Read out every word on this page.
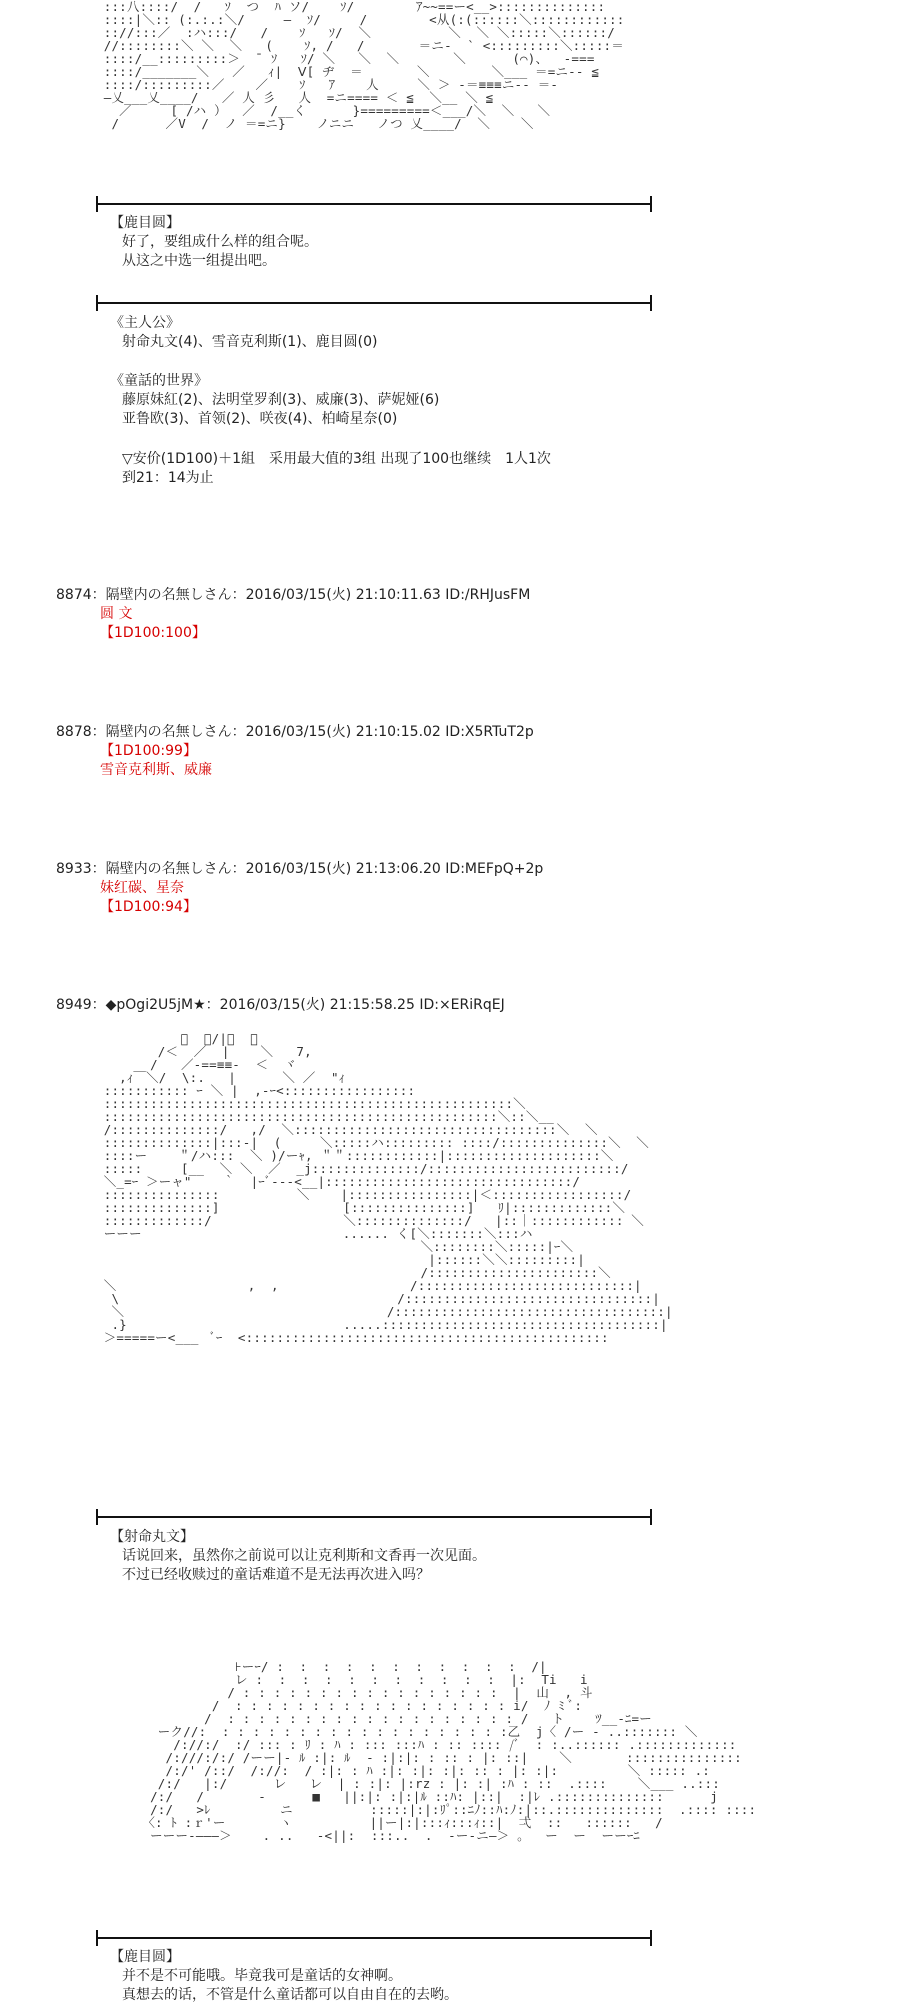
:::八::::/  /   ｿ  つ  ﾊ ソ/    ｿ/        ｱ~~==ー<__>::::::::::::::
::::|＼:: (:.:.:＼/     ―  ｿ/     /        <从(:(::::::＼::::::::::::
:://:::／  :ハ:::/   /    ｿ   ｿ/  ＼          ＼  ＼ ＼:::::＼::::::/
//::::::::＼ ＼  ＼   (    ｿ, /   /       ＝ニ-  ` <:::::::::＼:::::＝
::::/__:::::::::＞  ̄  ｿ   ｿ/ ＼   ＼  ＼       ＼      (⌒)、  -===
::::/_______＼   ／   ｨ|  Ⅴ[ ヂ  ＝       ＼        ＼___ ＝=ニ-- ≦
::::/:::::::::／    ／    ｿ   ｱ    人     ＼ ＞ ‐＝≡≡≡ニ-- ＝‐
―乂___乂____/   ／ 人 彡   人  =ニ==== ＜ ≦  ＼__ ＼ ≦
／     [ /ハ ）  ／  /__く      }=========＜___/＼  ＼   ＼
/      ／V  /  ノ ＝=ニ}    ノニニ   ノつ 乂____/  ＼    ＼
【鹿目圆】
好了，要组成什么样的组合呢。
从这之中选一组提出吧。
《主人公》
射命丸文(4)、雪音克利斯(1)、鹿目圆(0)
《童話的世界》
藤原妹紅(2)、法明堂罗刹(3)、威廉(3)、萨妮娅(6)
亚鲁欧(3)、首领(2)、咲夜(4)、柏崎星奈(0)
▽安价(1D100)＋1組　采用最大值的3组 出现了100也继续　1人1次
到21：14为止
8874：隔壁内の名無しさん：2016/03/15(火) 21:10:11.63 ID:/RHJusFM
圆 文
【1D100:100】
8878：隔壁内の名無しさん：2016/03/15(火) 21:10:15.02 ID:X5RTuT2p
【1D100:99】
雪音克利斯、威廉
8933：隔壁内の名無しさん：2016/03/15(火) 21:13:06.20 ID:MEFpQ+2p
妹红碳、星奈
【1D100:94】
8949：◆pOgi2U5jM★：2016/03/15(火) 21:15:58.25 ID:×ERiRqEJ
ﾟ  ｰ/|＼  ｰ
/＜  ／  |    ＼   7,
/   ／-==≡≡-  ＜  ヾ
,ｨ￣＼/  \:.   |      ＼ ／  "ｨ
::::::::::: ｰ ＼ |  ,-ｰ<:::::::::::::::::
:::::::::::::::::::::::::::::::::::::::::::::::::::::＼
:::::::::::::::::::::::::::::::::::::::::::::::::::＼::＼__
/::::::::::::::/   ,/  ＼::::::::::::::::::::::::::::::::::＼  ＼
::::::::::::::|:::-|  (     ＼:::::ハ::::::::: ::::/::::::::::::::＼  ＼
::::ー    ＂/ハ:::  ＼ )/ーｬ, ＂＂::::::::::::|::::::::::::::::::::＼
:::::     [__  ＼ ＼  ／  _j::::::::::::::/:::::::::::::::::::::::::/
＼_=ｰ ＞ーャ"    ｀  |ｰﾞ---<__|::::::::::::::::::::::::::::::::/
:::::::::::::::          ＼    |::::::::::::::::|＜:::::::::::::::::/
::::::::::::::]                [:::::::::::::::]   ﾘ|:::::::::::::＼
:::::::::::::/                 ＼::::::::::::::/   |::｜:::::::::::: ＼
ーーー                          ...... く[＼:::::::＼:::ハ
＼::::::::＼:::::|ｰ＼
|::::::＼＼:::::::::|
/::::::::::::::::::::::＼
＼                 ,  ,                 /::::::::::::::::::::::::::::|
\                                    /::::::::::::::::::::::::::::::::|
＼                                  /:::::::::::::::::::::::::::::::::::|
.}                            .....::::::::::::::::::::::::::::::::::::|
＞=====ー<___  ﾞｰ  <:::::::::::::::::::::::::::::::::::::::::::::::
【射命丸文】
话说回来，虽然你之前说可以让克利斯和文香再一次见面。
不过已经收赎过的童话难道不是无法再次进入吗？
⊦ーｰ/ :  :  :  :  :  :  :  :  :  :  :  /|
レ :  :  :  :  :  :  :  :  :  :  :  |:  Ti   i
/ : : : : : : : : : : : : : : : : :  |  山  , 斗
/  : : : : : : : : : : : : : : : : : : i/  ﾉ ﾐ ﾞ:
/  : : : : : : : : : : : : : : : : : : : /   ト    ﾂ__-ﾆ=ー
ーク//:  : : : : : : : : : : : : : : : : : : :乙  j〈 /ー - ..::::::: ＼
/://:/  :/ ::: : ﾘ : ﾊ : ::: :::ﾊ : :: :::: /ﾞ  : :..:::::: .:::::::::::::
/:///:/:/ /ーー|- ﾙ :|: ﾙ  - :|:|: : :: : |: ::|    ＼       :::::::::::::::
/:/' /::/  /://:  / :|: : ﾊ :|: :|: :|: :: : |: :|:         ＼ ::::: .:
/:/   |:/      レ   レ  | : :|: |:rz : |: :| :ﾊ : ::  .::::    ＼___ ..:::
/:/   /       -      ■   ||:|: :|:|ﾙ ::ﾊ: |::|  :|ﾚ .::::::::::::::      j
/:/   >ﾚ         ニ          :::::|:|:ﾘﾟ::ﾆﾉ::ﾊ:ﾉ:|::.::::::::::::::  .:::: ::::
〈: ﾄ :ｒ'ー       ヽ          ||ー|:|:::ｨ:::ｨ::|  弌  ::   ::::::   /
ーーー‐―――＞    . ..   -<||:  :::..  .  -ー-ニ―＞ 。  ー  ー  ーーｰﾆ
【鹿目圆】
并不是不可能哦。毕竟我可是童话的女神啊。
真想去的话，不管是什么童话都可以自由自在的去哟。
